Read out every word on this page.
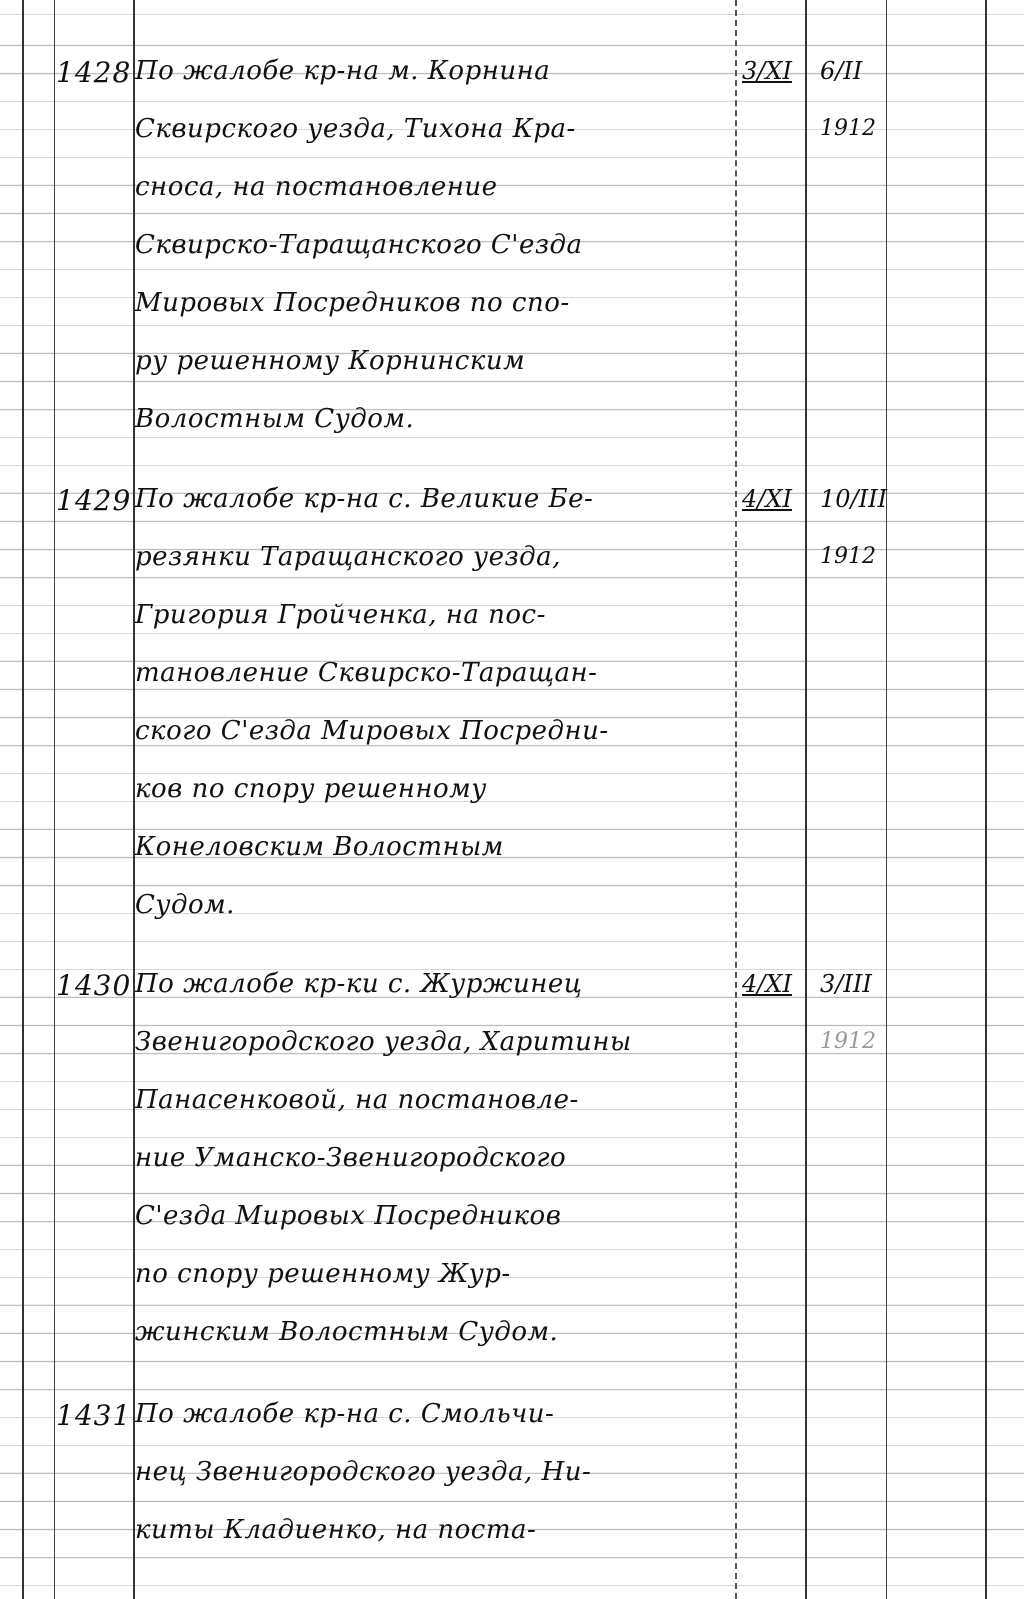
1428 По жалобе кр-на м. Корнина
Сквирского уезда, Тихона Кра-
сноса, на постановление
Сквирско-Таращанского С'езда
Мировых Посредников по спо-
ру решенному Корнинским
Волостным Судом.
3/XI	6/II
1912
1429 По жалобе кр-на с. Великие Бе-
резянки Таращанского уезда,
Григория Гройченка, на пос-
тановление Сквирско-Таращан-
ского С'езда Мировых Посредни-
ков по спору решенному
Конеловским Волостным
Судом.
4/XI	10/III
1912
1430 По жалобе кр-ки с. Журжинец
Звенигородского уезда, Харитины
Панасенковой, на постановле-
ние Уманско-Звенигородского
С'езда Мировых Посредников
по спору решенному Жур-
жинским Волостным Судом.
4/XI	3/III
1912
1431 По жалобе кр-на с. Смольчи-
нец Звенигородского уезда, Ни-
киты Кладиенко, на поста-
